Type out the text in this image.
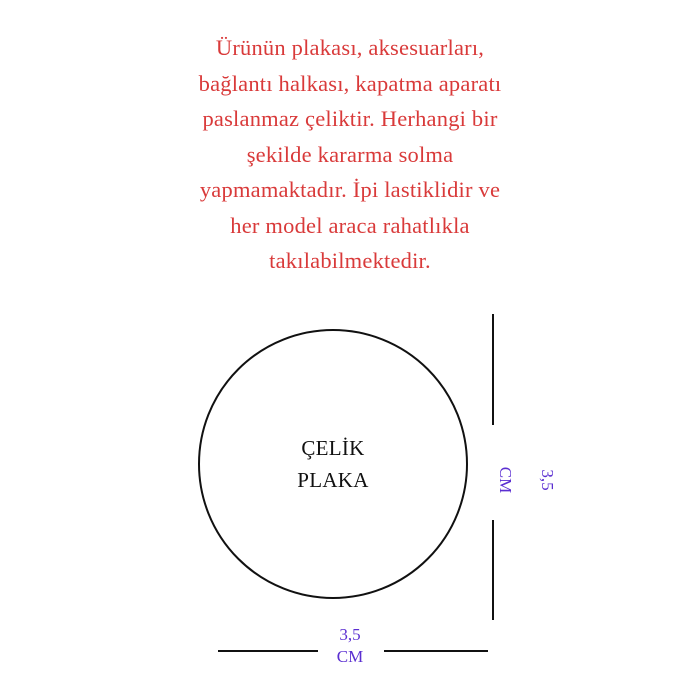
Ürünün plakası, aksesuarları,
bağlantı halkası, kapatma aparatı
paslanmaz çeliktir. Herhangi bir
şekilde kararma solma
yapmamaktadır. İpi lastiklidir ve
her model araca rahatlıkla
takılabilmektedir.
ÇELİK
PLAKA	3,5
CM
3,5
CM
